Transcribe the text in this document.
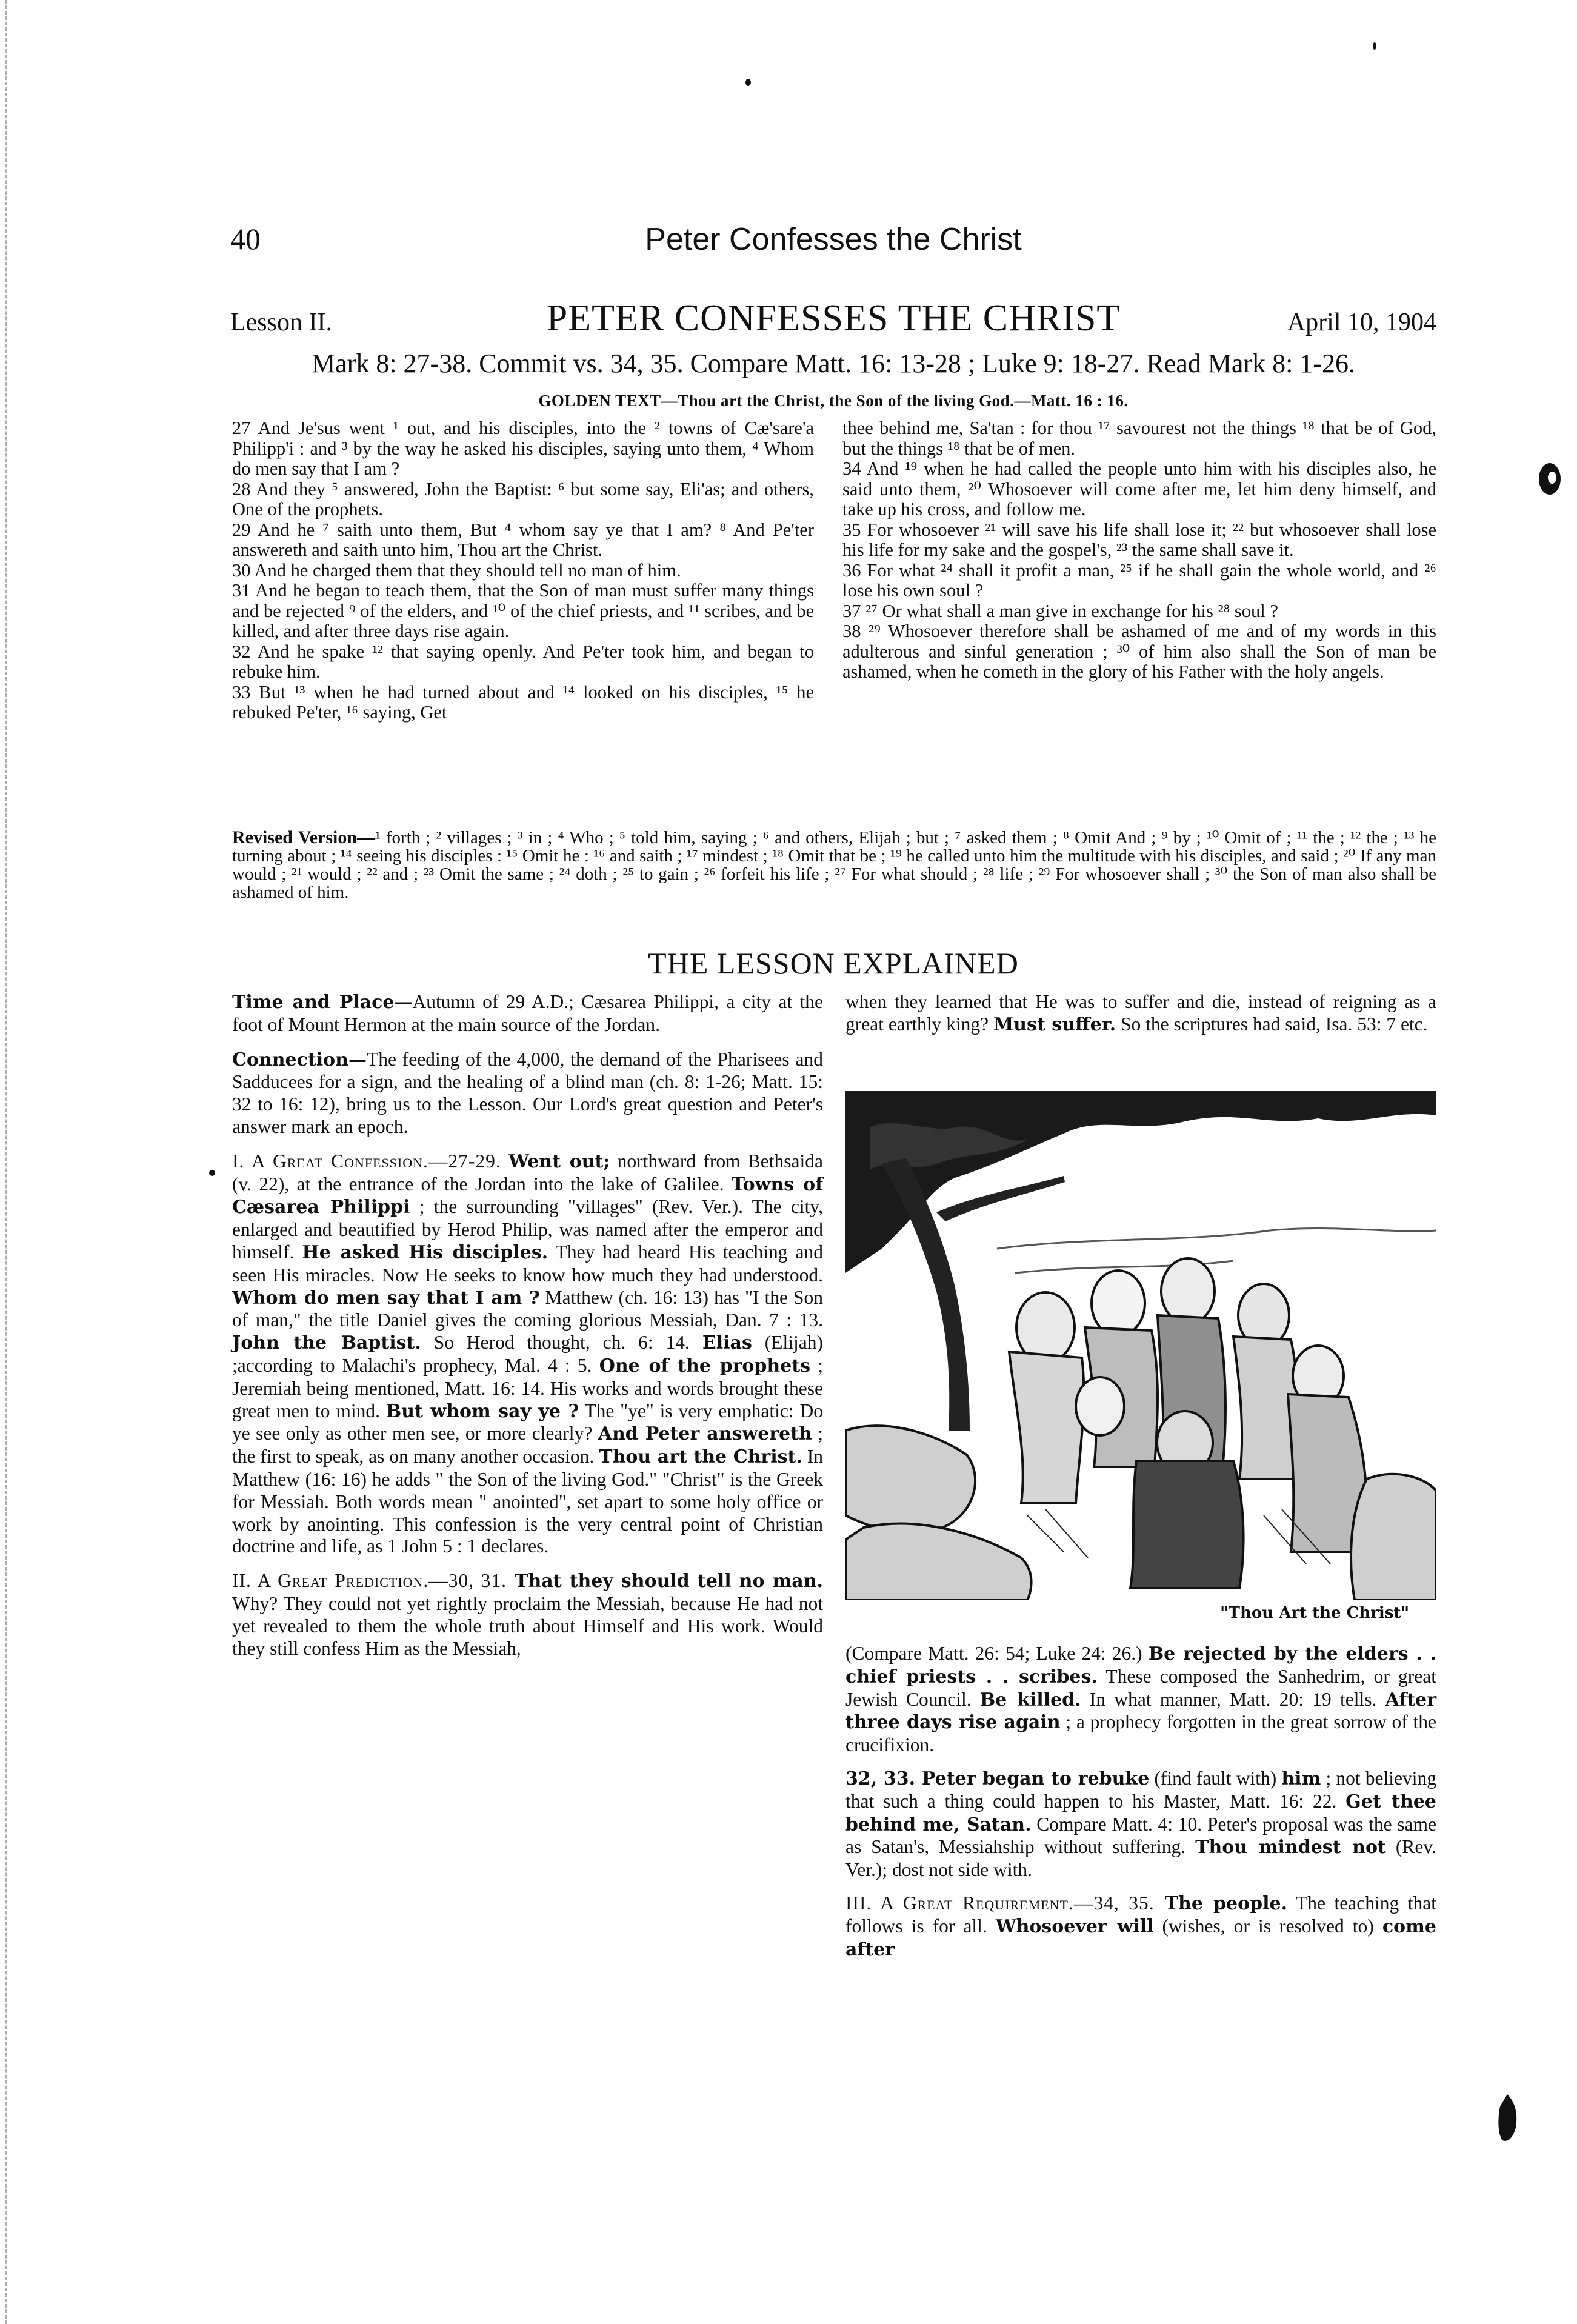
40	Peter Confesses the Christ
Lesson II.	PETER CONFESSES THE CHRIST	April 10, 1904
Mark 8: 27-38. Commit vs. 34, 35. Compare Matt. 16: 13-28 ; Luke 9: 18-27. Read Mark 8: 1-26.
GOLDEN TEXT—Thou art the Christ, the Son of the living God.—Matt. 16 : 16.

27 And Je'sus went ¹ out, and his disciples, into the ² towns of Cæ'sare'a Philipp'i : and ³ by the way he asked his disciples, saying unto them, ⁴ Whom do men say that I am ?

28 And they ⁵ answered, John the Baptist: ⁶ but some say, Eli'as; and others, One of the prophets.

29 And he ⁷ saith unto them, But ⁴ whom say ye that I am? ⁸ And Pe'ter answereth and saith unto him, Thou art the Christ.

30 And he charged them that they should tell no man of him.

31 And he began to teach them, that the Son of man must suffer many things and be rejected ⁹ of the elders, and ¹⁰ of the chief priests, and ¹¹ scribes, and be killed, and after three days rise again.

32 And he spake ¹² that saying openly. And Pe'ter took him, and began to rebuke him.

33 But ¹³ when he had turned about and ¹⁴ looked on his disciples, ¹⁵ he rebuked Pe'ter, ¹⁶ saying, Get

thee behind me, Sa'tan : for thou ¹⁷ savourest not the things ¹⁸ that be of God, but the things ¹⁸ that be of men.

34 And ¹⁹ when he had called the people unto him with his disciples also, he said unto them, ²⁰ Whosoever will come after me, let him deny himself, and take up his cross, and follow me.

35 For whosoever ²¹ will save his life shall lose it; ²² but whosoever shall lose his life for my sake and the gospel's, ²³ the same shall save it.

36 For what ²⁴ shall it profit a man, ²⁵ if he shall gain the whole world, and ²⁶ lose his own soul ?

37 ²⁷ Or what shall a man give in exchange for his ²⁸ soul ?

38 ²⁹ Whosoever therefore shall be ashamed of me and of my words in this adulterous and sinful generation ; ³⁰ of him also shall the Son of man be ashamed, when he cometh in the glory of his Father with the holy angels.

Revised Version—¹ forth ; ² villages ; ³ in ; ⁴ Who ; ⁵ told him, saying ; ⁶ and others, Elijah ; but ; ⁷ asked them ; ⁸ Omit And ; ⁹ by ; ¹⁰ Omit of ; ¹¹ the ; ¹² the ; ¹³ he turning about ; ¹⁴ seeing his disciples : ¹⁵ Omit he : ¹⁶ and saith ; ¹⁷ mindest ; ¹⁸ Omit that be ; ¹⁹ he called unto him the multitude with his disciples, and said ; ²⁰ If any man would ; ²¹ would ; ²² and ; ²³ Omit the same ; ²⁴ doth ; ²⁵ to gain ; ²⁶ forfeit his life ; ²⁷ For what should ; ²⁸ life ; ²⁹ For whosoever shall ; ³⁰ the Son of man also shall be ashamed of him.
THE LESSON EXPLAINED

Time and Place—Autumn of 29 A.D.; Cæsarea Philippi, a city at the foot of Mount Hermon at the main source of the Jordan.

Connection—The feeding of the 4,000, the demand of the Pharisees and Sadducees for a sign, and the healing of a blind man (ch. 8: 1-26; Matt. 15: 32 to 16: 12), bring us to the Lesson. Our Lord's great question and Peter's answer mark an epoch.

I. A Great Confession.—27-29. Went out; northward from Bethsaida (v. 22), at the entrance of the Jordan into the lake of Galilee. Towns of Cæsarea Philippi ; the surrounding "villages" (Rev. Ver.). The city, enlarged and beautified by Herod Philip, was named after the emperor and himself. He asked His disciples. They had heard His teaching and seen His miracles. Now He seeks to know how much they had understood. Whom do men say that I am ? Matthew (ch. 16: 13) has "I the Son of man," the title Daniel gives the coming glorious Messiah, Dan. 7 : 13. John the Baptist. So Herod thought, ch. 6: 14. Elias (Elijah) ;according to Malachi's prophecy, Mal. 4 : 5. One of the prophets ; Jeremiah being mentioned, Matt. 16: 14. His works and words brought these great men to mind. But whom say ye ? The "ye" is very emphatic: Do ye see only as other men see, or more clearly? And Peter answereth ; the first to speak, as on many another occasion. Thou art the Christ. In Matthew (16: 16) he adds " the Son of the living God." "Christ" is the Greek for Messiah. Both words mean " anointed", set apart to some holy office or work by anointing. This confession is the very central point of Christian doctrine and life, as 1 John 5 : 1 declares.

II. A Great Prediction.—30, 31. That they should tell no man. Why? They could not yet rightly proclaim the Messiah, because He had not yet revealed to them the whole truth about Himself and His work. Would they still confess Him as the Messiah,

when they learned that He was to suffer and die, instead of reigning as a great earthly king? Must suffer. So the scriptures had said, Isa. 53: 7 etc.

"Thou Art the Christ"

(Compare Matt. 26: 54; Luke 24: 26.) Be rejected by the elders . . chief priests . . scribes. These composed the Sanhedrim, or great Jewish Council. Be killed. In what manner, Matt. 20: 19 tells. After three days rise again ; a prophecy forgotten in the great sorrow of the crucifixion.

32, 33. Peter began to rebuke (find fault with) him ; not believing that such a thing could happen to his Master, Matt. 16: 22. Get thee behind me, Satan. Compare Matt. 4: 10. Peter's proposal was the same as Satan's, Messiahship without suffering. Thou mindest not (Rev. Ver.); dost not side with.

III. A Great Requirement.—34, 35. The people. The teaching that follows is for all. Whosoever will (wishes, or is resolved to) come after
